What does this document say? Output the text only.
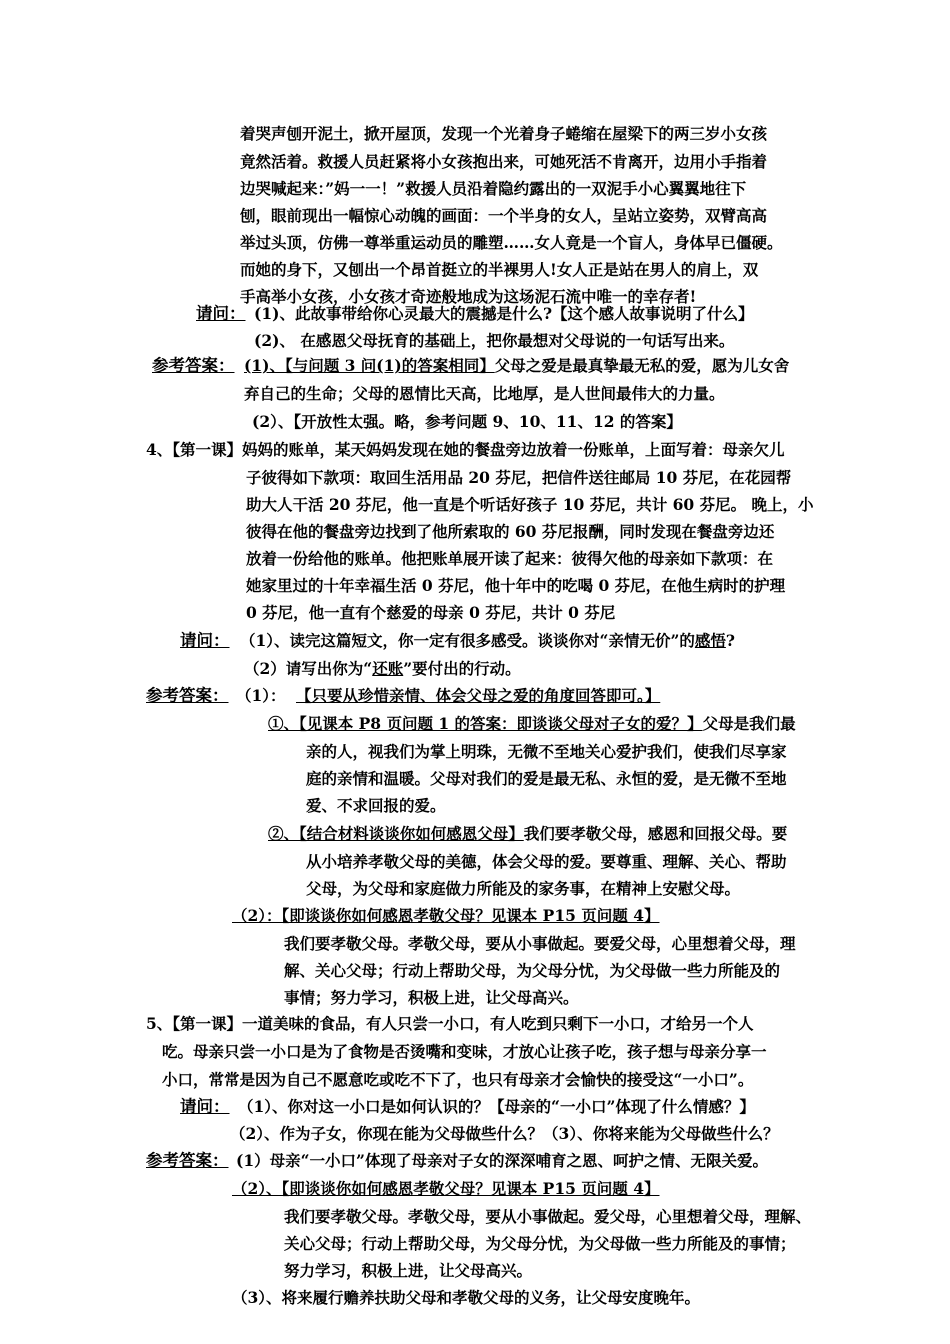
着哭声刨开泥土，掀开屋顶，发现一个光着身子蜷缩在屋梁下的两三岁小女孩
竟然活着。救援人员赶紧将小女孩抱出来，可她死活不肯离开，边用小手指着
边哭喊起来：”妈一一！”救援人员沿着隐约露出的一双泥手小心翼翼地往下
刨，眼前现出一幅惊心动魄的画面：一个半身的女人，呈站立姿势，双臂高高
举过头顶，仿佛一尊举重运动员的雕塑……女人竟是一个盲人，身体早已僵硬。
而她的身下，又刨出一个昂首挺立的半裸男人!女人正是站在男人的肩上，双
手高举小女孩，小女孩才奇迹般地成为这场泥石流中唯一的幸存者!
请问： (1)、此故事带给你心灵最大的震撼是什么?【这个感人故事说明了什么】
(2)、 在感恩父母抚育的基础上，把你最想对父母说的一句话写出来。
参考答案： (1)、【与问题 3 问(1)的答案相同】父母之爱是最真挚最无私的爱，愿为儿女舍
弃自己的生命；父母的恩情比天高，比地厚，是人世间最伟大的力量。
(2）、【开放性太强。略，参考问题 9、10、11、12 的答案】
4、【第一课】妈妈的账单，某天妈妈发现在她的餐盘旁边放着一份账单，上面写着：母亲欠儿
子彼得如下款项：取回生活用品 20 芬尼，把信件送往邮局 10 芬尼，在花园帮
助大人干活 20 芬尼，他一直是个听话好孩子 10 芬尼，共计 60 芬尼。 晚上，小
彼得在他的餐盘旁边找到了他所索取的 60 芬尼报酬，同时发现在餐盘旁边还
放着一份给他的账单。他把账单展开读了起来：彼得欠他的母亲如下款项：在
她家里过的十年幸福生活 0 芬尼，他十年中的吃喝 0 芬尼，在他生病时的护理
0 芬尼，他一直有个慈爱的母亲 0 芬尼，共计 0 芬尼
请问： （1）、读完这篇短文，你一定有很多感受。谈谈你对“亲情无价”的感悟?
（2）请写出你为“还账”要付出的行动。
参考答案： （1）： 【只要从珍惜亲情、体会父母之爱的角度回答即可。】
①、【见课本 P8 页问题 1 的答案：即谈谈父母对子女的爱？】父母是我们最
亲的人，视我们为掌上明珠，无微不至地关心爱护我们，使我们尽享家
庭的亲情和温暖。父母对我们的爱是最无私、永恒的爱，是无微不至地
爱、不求回报的爱。
②、【结合材料谈谈你如何感恩父母】我们要孝敬父母，感恩和回报父母。要
从小培养孝敬父母的美德，体会父母的爱。要尊重、理解、关心、帮助
父母，为父母和家庭做力所能及的家务事，在精神上安慰父母。
（2）：【即谈谈你如何感恩孝敬父母？见课本 P15 页问题 4】
我们要孝敬父母。孝敬父母，要从小事做起。要爱父母，心里想着父母，理
解、关心父母；行动上帮助父母，为父母分忧，为父母做一些力所能及的
事情；努力学习，积极上进，让父母高兴。
5、【第一课】一道美味的食品，有人只尝一小口，有人吃到只剩下一小口，才给另一个人
吃。母亲只尝一小口是为了食物是否烫嘴和变味，才放心让孩子吃，孩子想与母亲分享一
小口，常常是因为自己不愿意吃或吃不下了，也只有母亲才会愉快的接受这“一小口”。
请问： （1）、你对这一小口是如何认识的？【母亲的“一小口”体现了什么情感？】
（2）、作为子女，你现在能为父母做些什么？（3）、你将来能为父母做些什么？
参考答案： (1）母亲“一小口”体现了母亲对子女的深深哺育之恩、呵护之情、无限关爱。
（2）、【即谈谈你如何感恩孝敬父母？见课本 P15 页问题 4】
我们要孝敬父母。孝敬父母，要从小事做起。爱父母，心里想着父母，理解、
关心父母；行动上帮助父母，为父母分忧，为父母做一些力所能及的事情；
努力学习，积极上进，让父母高兴。
（3）、将来履行赡养扶助父母和孝敬父母的义务，让父母安度晚年。
